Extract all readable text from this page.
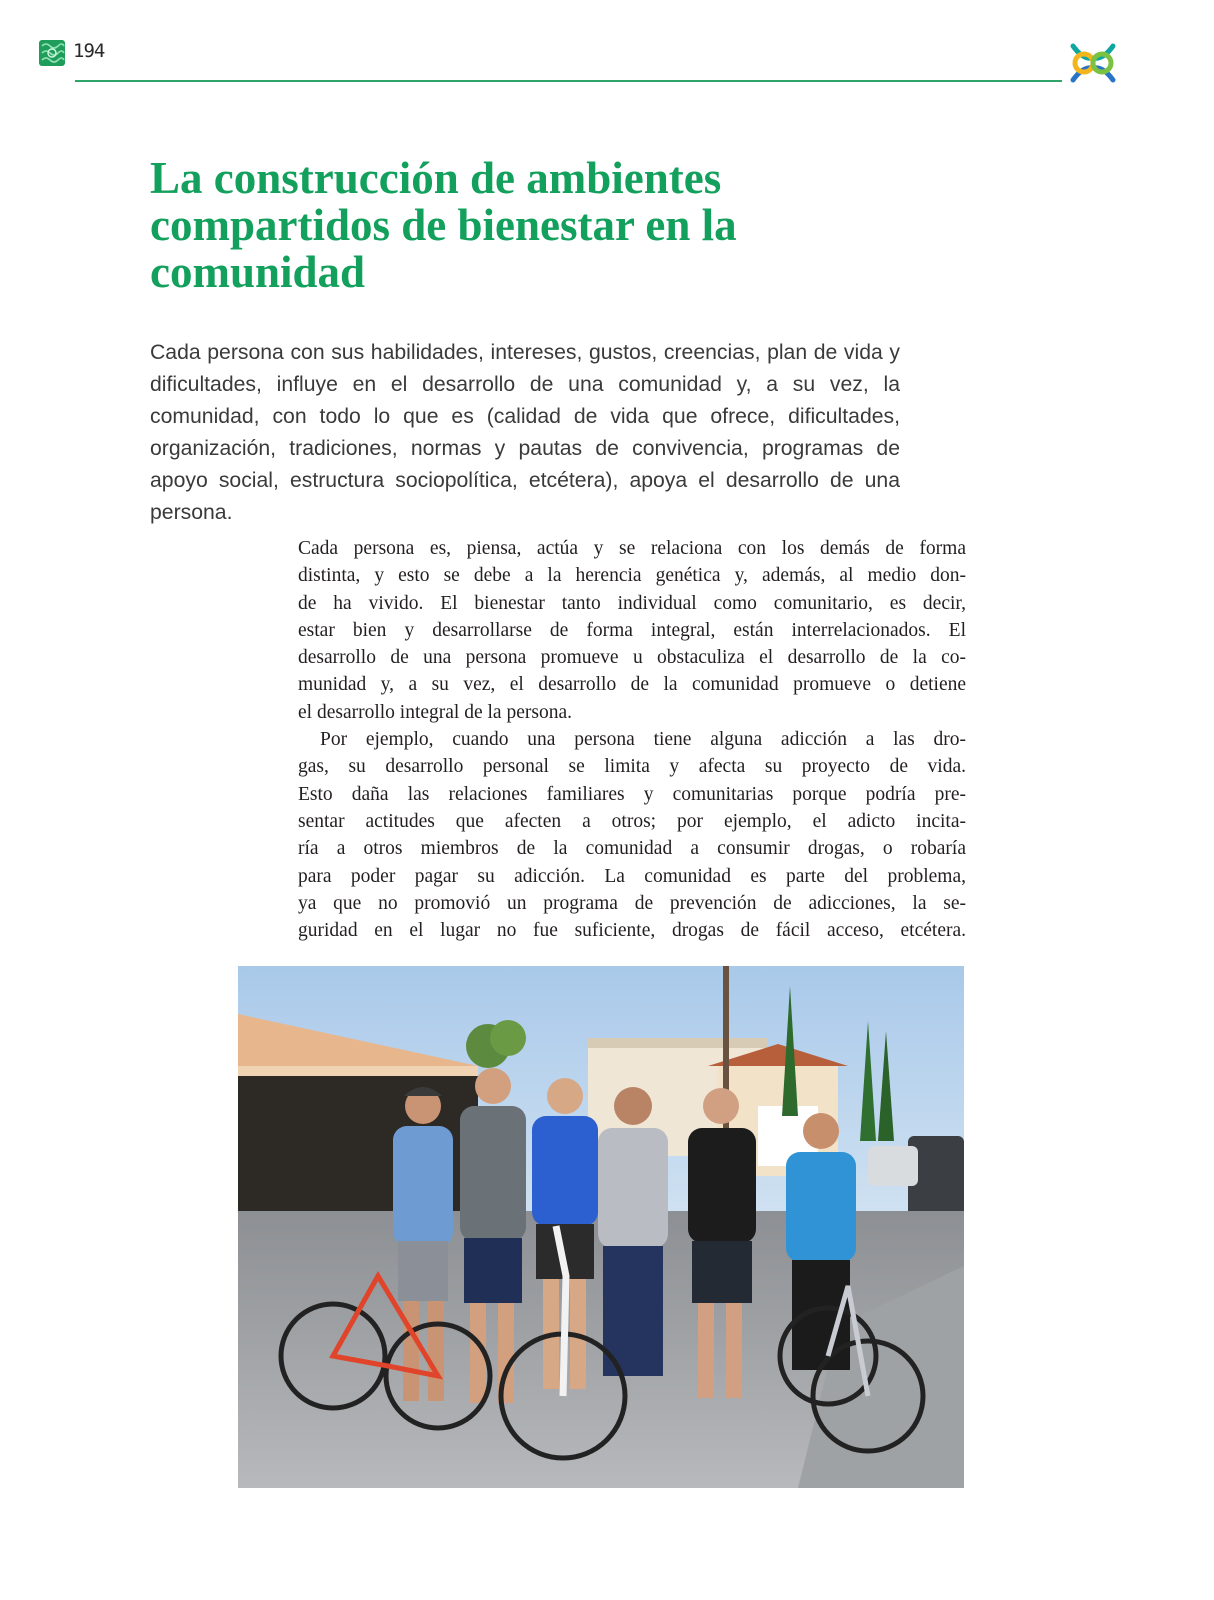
194
La construcción de ambientes compartidos de bienestar en la comunidad

Cada persona con sus habilidades, intereses, gustos, creencias, plan de vida y dificultades, influye en el desarrollo de una comunidad y, a su vez, la comunidad, con todo lo que es (calidad de vida que ofrece, dificultades, organización, tradiciones, normas y pautas de convivencia, programas de apoyo social, estructura sociopolítica, etcétera), apoya el desarrollo de una persona.

Cada persona es, piensa, actúa y se relaciona con los demás de forma

distinta, y esto se debe a la herencia genética y, además, al medio don-

de ha vivido. El bienestar tanto individual como comunitario, es decir,

estar bien y desarrollarse de forma integral, están interrelacionados. El

desarrollo de una persona promueve u obstaculiza el desarrollo de la co-

munidad y, a su vez, el desarrollo de la comunidad promueve o detiene

el desarrollo integral de la persona.

Por ejemplo, cuando una persona tiene alguna adicción a las dro-

gas, su desarrollo personal se limita y afecta su proyecto de vida.

Esto daña las relaciones familiares y comunitarias porque podría pre-

sentar actitudes que afecten a otros; por ejemplo, el adicto incita-

ría a otros miembros de la comunidad a consumir drogas, o robaría

para poder pagar su adicción. La comunidad es parte del problema,

ya que no promovió un programa de prevención de adicciones, la se-

guridad en el lugar no fue suficiente, drogas de fácil acceso, etcétera.
